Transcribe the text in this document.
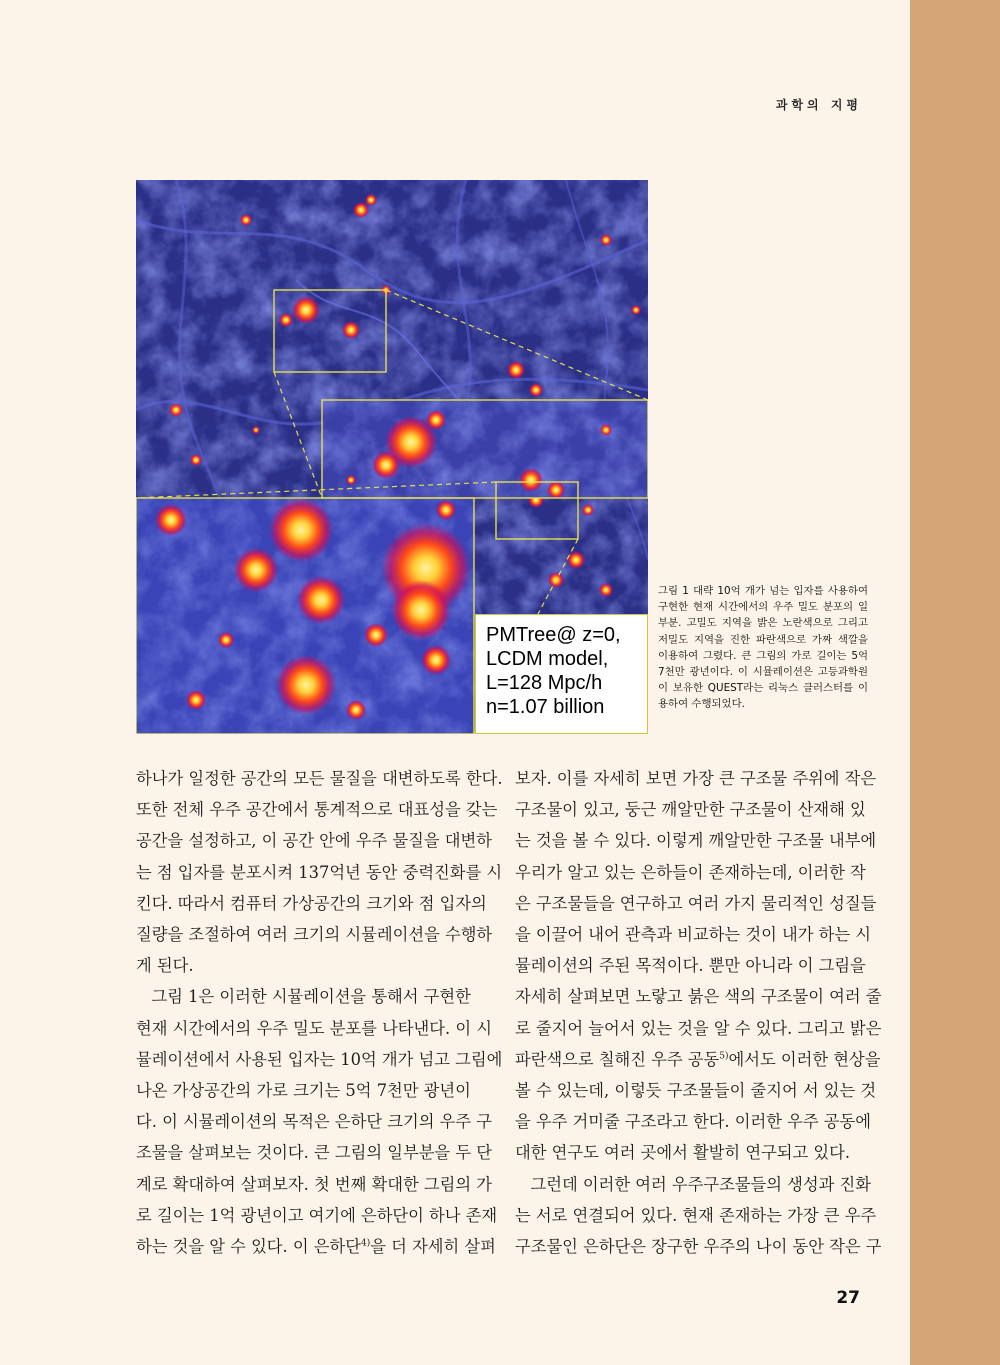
과학의 지평
PMTree@ z=0,
LCDM model,
L=128 Mpc/h
n=1.07 billion
그림 1 대략 10억 개가 넘는 입자를 사용하여 구현한 현재 시간에서의 우주 밀도 분포의 일부분. 고밀도 지역을 밝은 노란색으로 그리고 저밀도 지역을 진한 파란색으로 가짜 색깔을 이용하여 그렸다. 큰 그림의 가로 길이는 5억 7천만 광년이다. 이 시뮬레이션은 고등과학원이 보유한 QUEST라는 리눅스 클러스터를 이용하여 수행되었다.

하나가 일정한 공간의 모든 물질을 대변하도록 한다.
또한 전체 우주 공간에서 통계적으로 대표성을 갖는
공간을 설정하고, 이 공간 안에 우주 물질을 대변하
는 점 입자를 분포시켜 137억년 동안 중력진화를 시
킨다. 따라서 컴퓨터 가상공간의 크기와 점 입자의
질량을 조절하여 여러 크기의 시뮬레이션을 수행하
게 된다.

그림 1은 이러한 시뮬레이션을 통해서 구현한
현재 시간에서의 우주 밀도 분포를 나타낸다. 이 시
뮬레이션에서 사용된 입자는 10억 개가 넘고 그림에
나온 가상공간의 가로 크기는 5억 7천만 광년이
다. 이 시뮬레이션의 목적은 은하단 크기의 우주 구
조물을 살펴보는 것이다. 큰 그림의 일부분을 두 단
계로 확대하여 살펴보자. 첫 번째 확대한 그림의 가
로 길이는 1억 광년이고 여기에 은하단이 하나 존재
하는 것을 알 수 있다. 이 은하단$^{4)}$을 더 자세히 살펴

보자. 이를 자세히 보면 가장 큰 구조물 주위에 작은
구조물이 있고, 둥근 깨알만한 구조물이 산재해 있
는 것을 볼 수 있다. 이렇게 깨알만한 구조물 내부에
우리가 알고 있는 은하들이 존재하는데, 이러한 작
은 구조물들을 연구하고 여러 가지 물리적인 성질들
을 이끌어 내어 관측과 비교하는 것이 내가 하는 시
뮬레이션의 주된 목적이다. 뿐만 아니라 이 그림을
자세히 살펴보면 노랗고 붉은 색의 구조물이 여러 줄
로 줄지어 늘어서 있는 것을 알 수 있다. 그리고 밝은
파란색으로 칠해진 우주 공동$^{5)}$에서도 이러한 현상을
볼 수 있는데, 이렇듯 구조물들이 줄지어 서 있는 것
을 우주 거미줄 구조라고 한다. 이러한 우주 공동에
대한 연구도 여러 곳에서 활발히 연구되고 있다.

그런데 이러한 여러 우주구조물들의 생성과 진화
는 서로 연결되어 있다. 현재 존재하는 가장 큰 우주
구조물인 은하단은 장구한 우주의 나이 동안 작은 구

27
